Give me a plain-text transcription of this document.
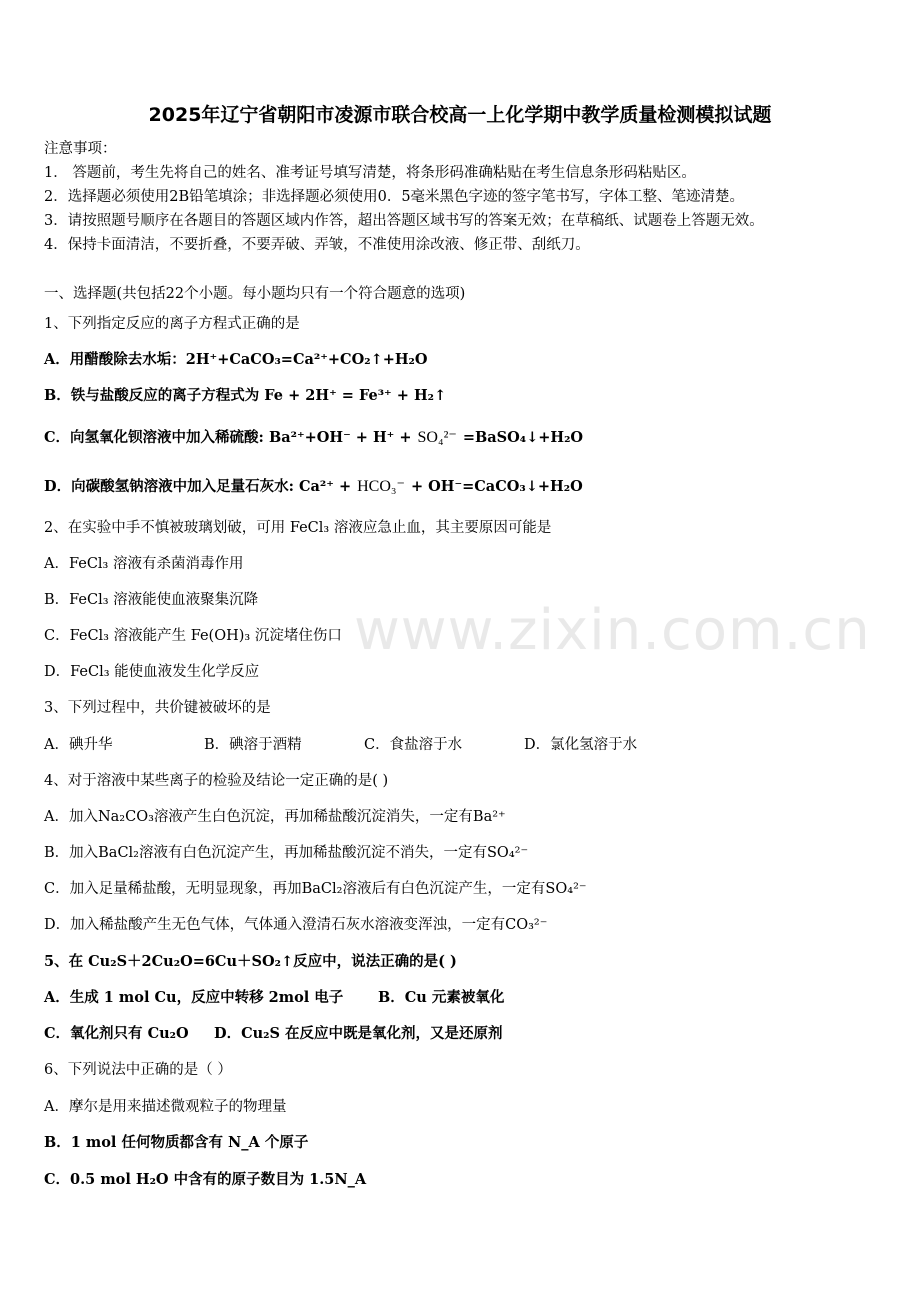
www.zixin.com.cn
2025年辽宁省朝阳市凌源市联合校高一上化学期中教学质量检测模拟试题
注意事项：
1． 答题前，考生先将自己的姓名、准考证号填写清楚，将条形码准确粘贴在考生信息条形码粘贴区。
2．选择题必须使用2B铅笔填涂；非选择题必须使用0．5毫米黑色字迹的签字笔书写，字体工整、笔迹清楚。
3．请按照题号顺序在各题目的答题区域内作答，超出答题区域书写的答案无效；在草稿纸、试题卷上答题无效。
4．保持卡面清洁，不要折叠，不要弄破、弄皱，不准使用涂改液、修正带、刮纸刀。
一、选择题(共包括22个小题。每小题均只有一个符合题意的选项)
1、下列指定反应的离子方程式正确的是
A．用醋酸除去水垢：2H⁺+CaCO₃=Ca²⁺+CO₂↑+H₂O
B．铁与盐酸反应的离子方程式为 Fe + 2H⁺ = Fe³⁺ + H₂↑
C．向氢氧化钡溶液中加入稀硫酸: Ba²⁺+OH⁻ + H⁺ + SO₄²⁻ =BaSO₄↓+H₂O
D．向碳酸氢钠溶液中加入足量石灰水: Ca²⁺ + HCO₃⁻ + OH⁻=CaCO₃↓+H₂O
2、在实验中手不慎被玻璃划破，可用 FeCl₃ 溶液应急止血，其主要原因可能是
A．FeCl₃ 溶液有杀菌消毒作用
B．FeCl₃ 溶液能使血液聚集沉降
C．FeCl₃ 溶液能产生 Fe(OH)₃ 沉淀堵住伤口
D．FeCl₃ 能使血液发生化学反应
3、下列过程中，共价键被破坏的是
A．碘升华	B．碘溶于酒精	C．食盐溶于水	D．氯化氢溶于水
4、对于溶液中某些离子的检验及结论一定正确的是( )
A．加入Na₂CO₃溶液产生白色沉淀，再加稀盐酸沉淀消失，一定有Ba²⁺
B．加入BaCl₂溶液有白色沉淀产生，再加稀盐酸沉淀不消失，一定有SO₄²⁻
C．加入足量稀盐酸，无明显现象，再加BaCl₂溶液后有白色沉淀产生，一定有SO₄²⁻
D．加入稀盐酸产生无色气体，气体通入澄清石灰水溶液变浑浊，一定有CO₃²⁻
5、在 Cu₂S＋2Cu₂O=6Cu＋SO₂↑反应中，说法正确的是( )
A．生成 1 mol Cu，反应中转移 2mol 电子 B．Cu 元素被氧化
C．氧化剂只有 Cu₂O D．Cu₂S 在反应中既是氧化剂，又是还原剂
6、下列说法中正确的是（ ）
A．摩尔是用来描述微观粒子的物理量
B．1 mol 任何物质都含有 N_A 个原子
C．0.5 mol H₂O 中含有的原子数目为 1.5N_A
